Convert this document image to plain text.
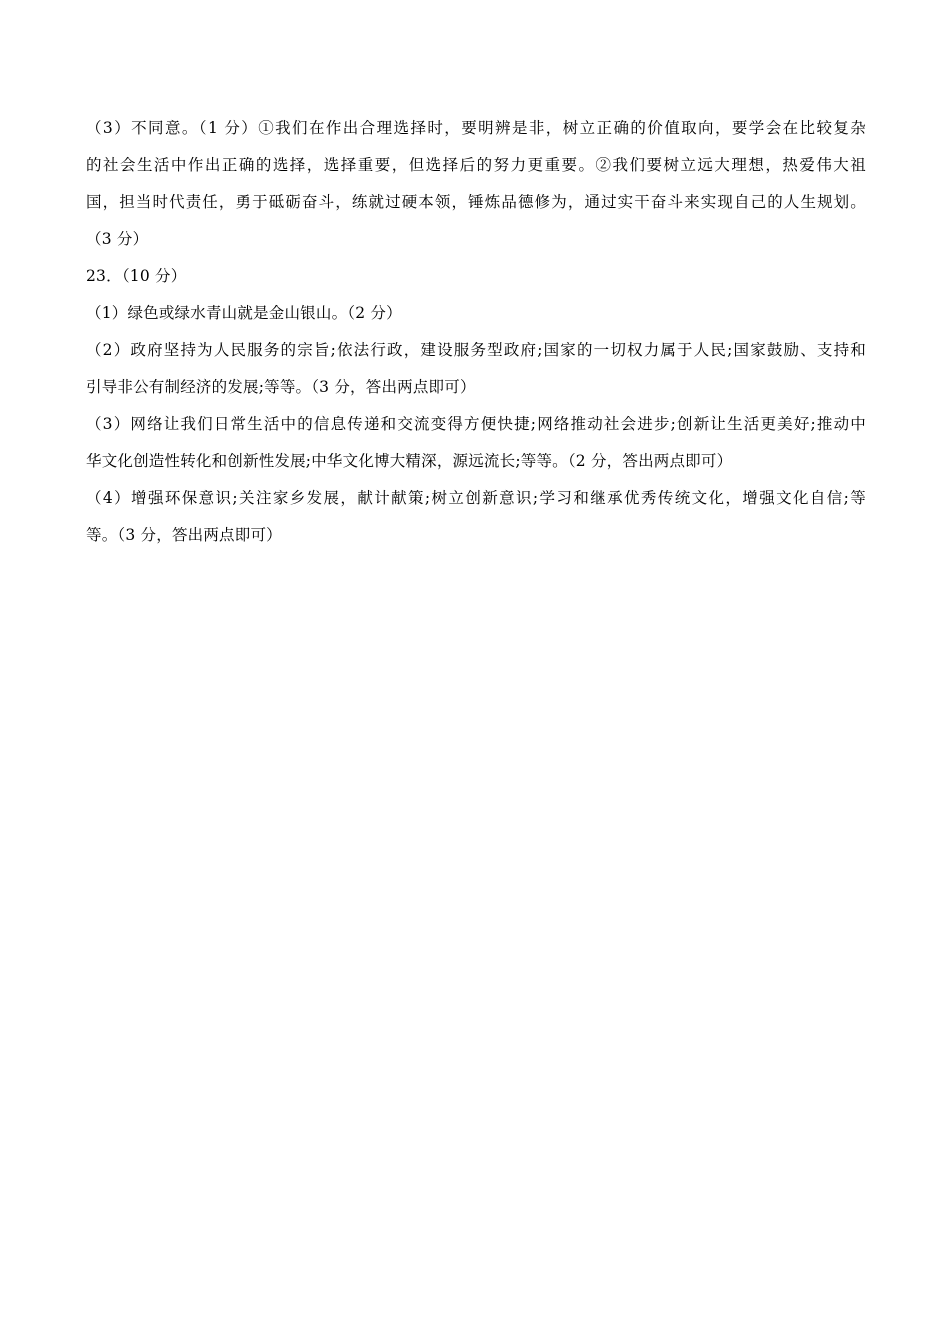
（3）不同意。（1 分）①我们在作出合理选择时，要明辨是非，树立正确的价值取向，要学会在比较复杂
的社会生活中作出正确的选择，选择重要，但选择后的努力更重要。②我们要树立远大理想，热爱伟大祖
国，担当时代责任，勇于砥砺奋斗，练就过硬本领，锤炼品德修为，通过实干奋斗来实现自己的人生规划。
（3 分）
23．（10 分）
（1）绿色或绿水青山就是金山银山。（2 分）
（2）政府坚持为人民服务的宗旨;依法行政，建设服务型政府;国家的一切权力属于人民;国家鼓励、支持和
引导非公有制经济的发展;等等。（3 分，答出两点即可）
（3）网络让我们日常生活中的信息传递和交流变得方便快捷;网络推动社会进步;创新让生活更美好;推动中
华文化创造性转化和创新性发展;中华文化博大精深，源远流长;等等。（2 分，答出两点即可）
（4）增强环保意识;关注家乡发展，献计献策;树立创新意识;学习和继承优秀传统文化，增强文化自信;等
等。（3 分，答出两点即可）
